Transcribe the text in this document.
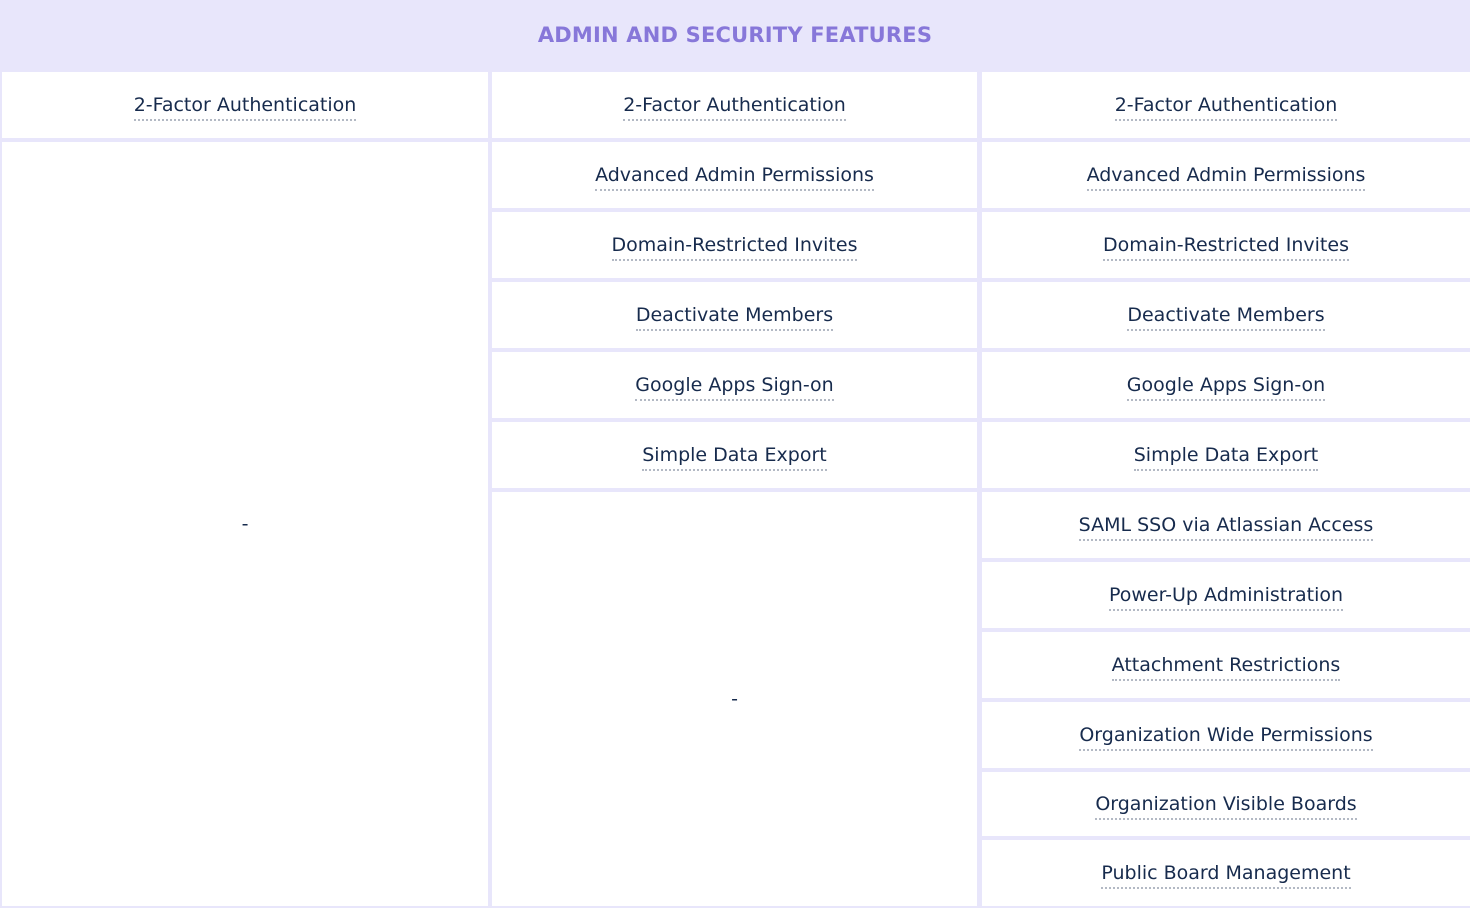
ADMIN AND SECURITY FEATURES
2-Factor Authentication
-
2-Factor Authentication
Advanced Admin Permissions
Domain-Restricted Invites
Deactivate Members
Google Apps Sign-on
Simple Data Export
-
2-Factor Authentication
Advanced Admin Permissions
Domain-Restricted Invites
Deactivate Members
Google Apps Sign-on
Simple Data Export
SAML SSO via Atlassian Access
Power-Up Administration
Attachment Restrictions
Organization Wide Permissions
Organization Visible Boards
Public Board Management
